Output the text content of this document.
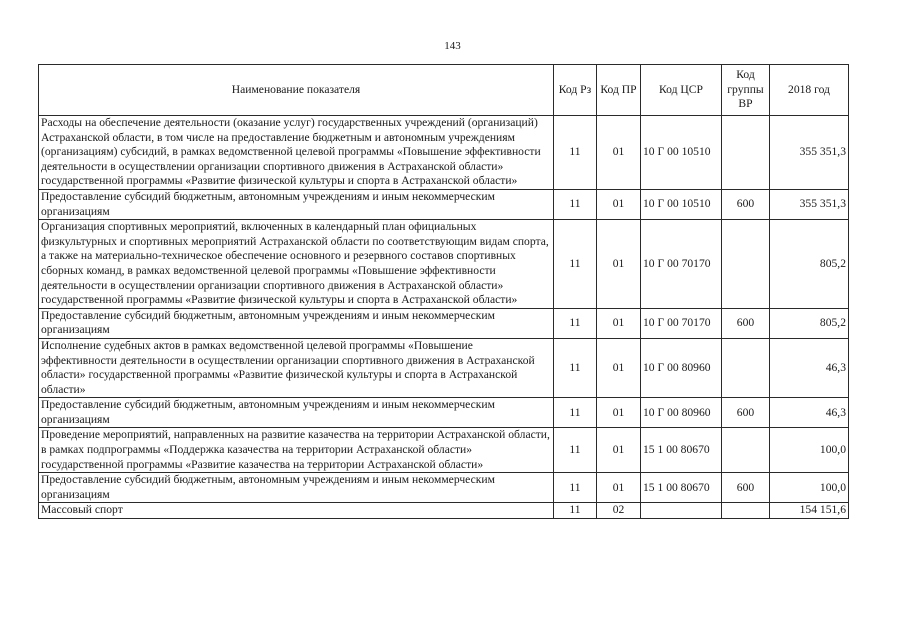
143
Наименование показателя	Код Рз	Код ПР	Код ЦСР	Код группы ВР	2018 год
Расходы на обеспечение деятельности (оказание услуг) государственных учреждений (организаций) Астраханской области, в том числе на предоставление бюджетным и автономным учреждениям (организациям) субсидий, в рамках ведомственной целевой программы «Повышение эффективности деятельности в осуществлении организации спортивного движения в Астраханской области» государственной программы «Развитие физической культуры и спорта в Астраханской области»	11	01	10 Г 00 10510		355 351,3
Предоставление субсидий бюджетным, автономным учреждениям и иным некоммерческим организациям	11	01	10 Г 00 10510	600	355 351,3
Организация спортивных мероприятий, включенных в календарный план официальных физкультурных и спортивных мероприятий Астраханской области по соответствующим видам спорта, а также на материально-техническое обеспечение основного и резервного составов спортивных сборных команд, в рамках ведомственной целевой программы «Повышение эффективности деятельности в осуществлении организации спортивного движения в Астраханской области» государственной программы «Развитие физической культуры и спорта в Астраханской области»	11	01	10 Г 00 70170		805,2
Предоставление субсидий бюджетным, автономным учреждениям и иным некоммерческим организациям	11	01	10 Г 00 70170	600	805,2
Исполнение судебных актов в рамках ведомственной целевой программы «Повышение эффективности деятельности в осуществлении организации спортивного движения в Астраханской области» государственной программы «Развитие физической культуры и спорта в Астраханской области»	11	01	10 Г 00 80960		46,3
Предоставление субсидий бюджетным, автономным учреждениям и иным некоммерческим организациям	11	01	10 Г 00 80960	600	46,3
Проведение мероприятий, направленных на развитие казачества на территории Астраханской области, в рамках подпрограммы «Поддержка казачества на территории Астраханской области» государственной программы «Развитие казачества на территории Астраханской области»	11	01	15 1 00 80670		100,0
Предоставление субсидий бюджетным, автономным учреждениям и иным некоммерческим организациям	11	01	15 1 00 80670	600	100,0
Массовый спорт	11	02			154 151,6
